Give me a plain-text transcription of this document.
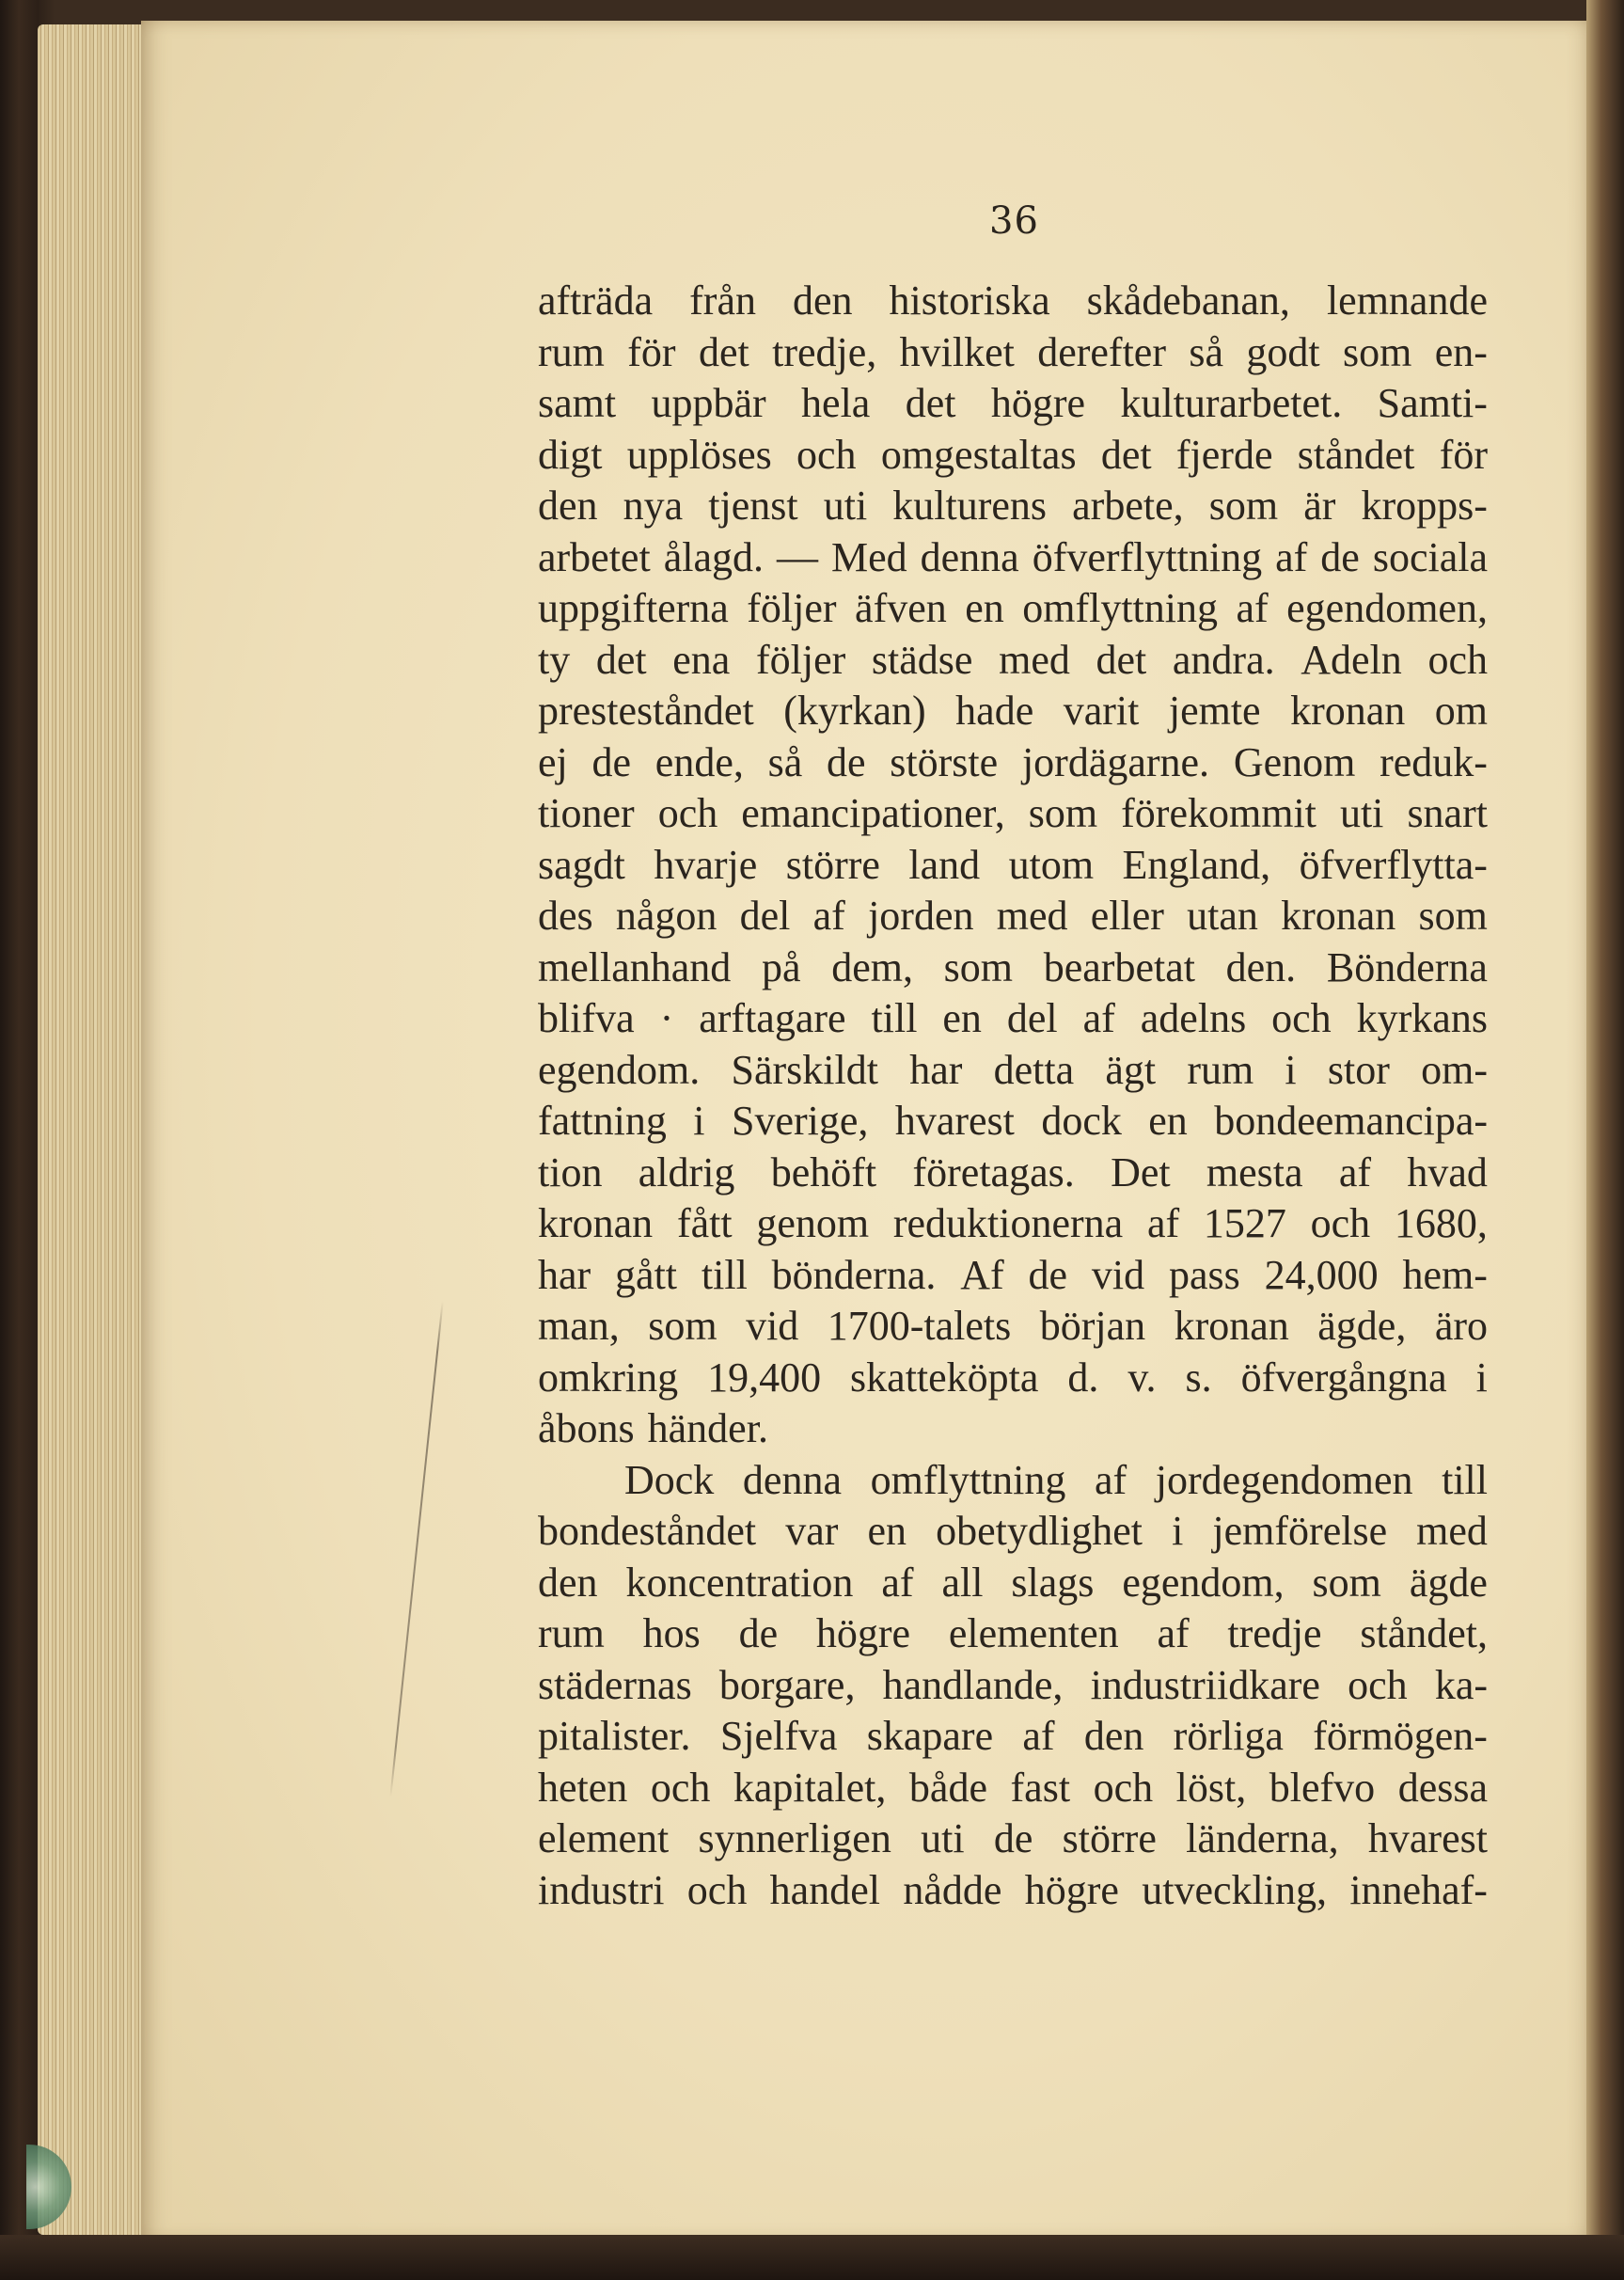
36
afträda från den historiska skådebanan, lemnande
rum för det tredje, hvilket derefter så godt som en-
samt uppbär hela det högre kulturarbetet. Samti-
digt upplöses och omgestaltas det fjerde ståndet för
den nya tjenst uti kulturens arbete, som är kropps-
arbetet ålagd. — Med denna öfverflyttning af de sociala
uppgifterna följer äfven en omflyttning af egendomen,
ty det ena följer städse med det andra. Adeln och
presteståndet (kyrkan) hade varit jemte kronan om
ej de ende, så de störste jordägarne. Genom reduk-
tioner och emancipationer, som förekommit uti snart
sagdt hvarje större land utom England, öfverflytta-
des någon del af jorden med eller utan kronan som
mellanhand på dem, som bearbetat den. Bönderna
blifva · arftagare till en del af adelns och kyrkans
egendom. Särskildt har detta ägt rum i stor om-
fattning i Sverige, hvarest dock en bondeemancipa-
tion aldrig behöft företagas. Det mesta af hvad
kronan fått genom reduktionerna af 1527 och 1680,
har gått till bönderna. Af de vid pass 24,000 hem-
man, som vid 1700-talets början kronan ägde, äro
omkring 19,400 skatteköpta d. v. s. öfvergångna i
åbons händer.
Dock denna omflyttning af jordegendomen till
bondeståndet var en obetydlighet i jemförelse med
den koncentration af all slags egendom, som ägde
rum hos de högre elementen af tredje ståndet,
städernas borgare, handlande, industriidkare och ka-
pitalister. Sjelfva skapare af den rörliga förmögen-
heten och kapitalet, både fast och löst, blefvo dessa
element synnerligen uti de större länderna, hvarest
industri och handel nådde högre utveckling, innehaf-
